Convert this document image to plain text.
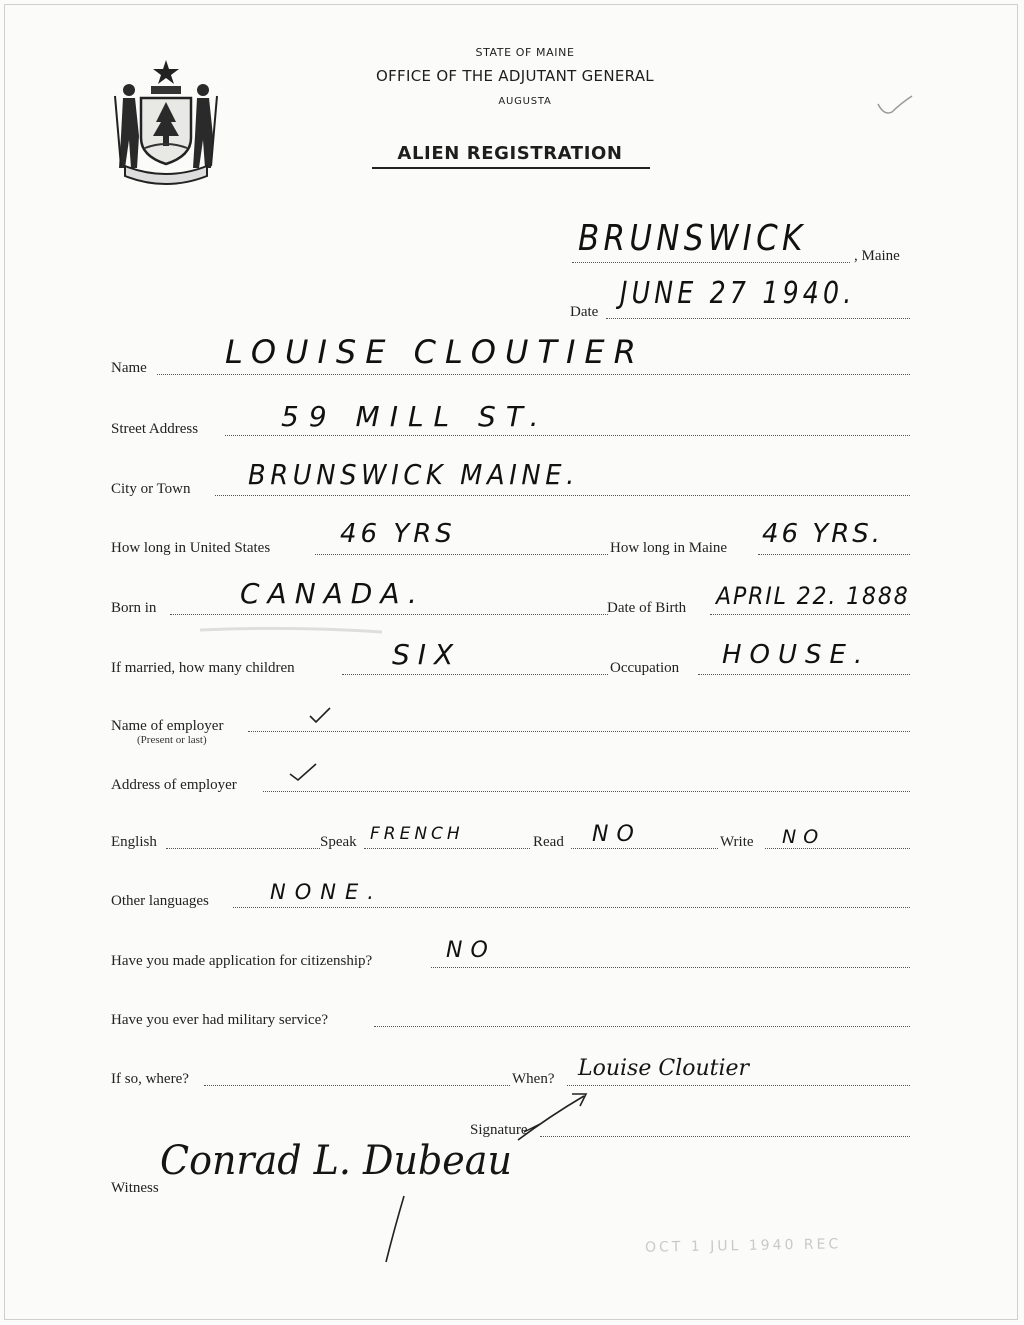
STATE OF MAINE
OFFICE OF THE ADJUTANT GENERAL
AUGUSTA
ALIEN REGISTRATION
BRUNSWICK	, Maine
Date
JUNE 27 1940.
Name LOUISE CLOUTIER
Street Address	59 MILL ST.
City or Town BRUNSWICK MAINE.
How long in United States	46 YRS	How long in Maine 46 YRS.
Born in	CANADA.	Date of Birth APRIL 22. 1888
If married, how many children	SIX	Occupation HOUSE.
Name of employer
(Present or last)
Address of employer
English	Speak FRENCH	Read NO	Write NO
Other languages	NONE.
Have you made application for citizenship?	NO
Have you ever had military service?
If so, where?	When? Louise Cloutier
Signature
Witness
Conrad L. Dubeau
OCT 1 JUL 1940 REC
